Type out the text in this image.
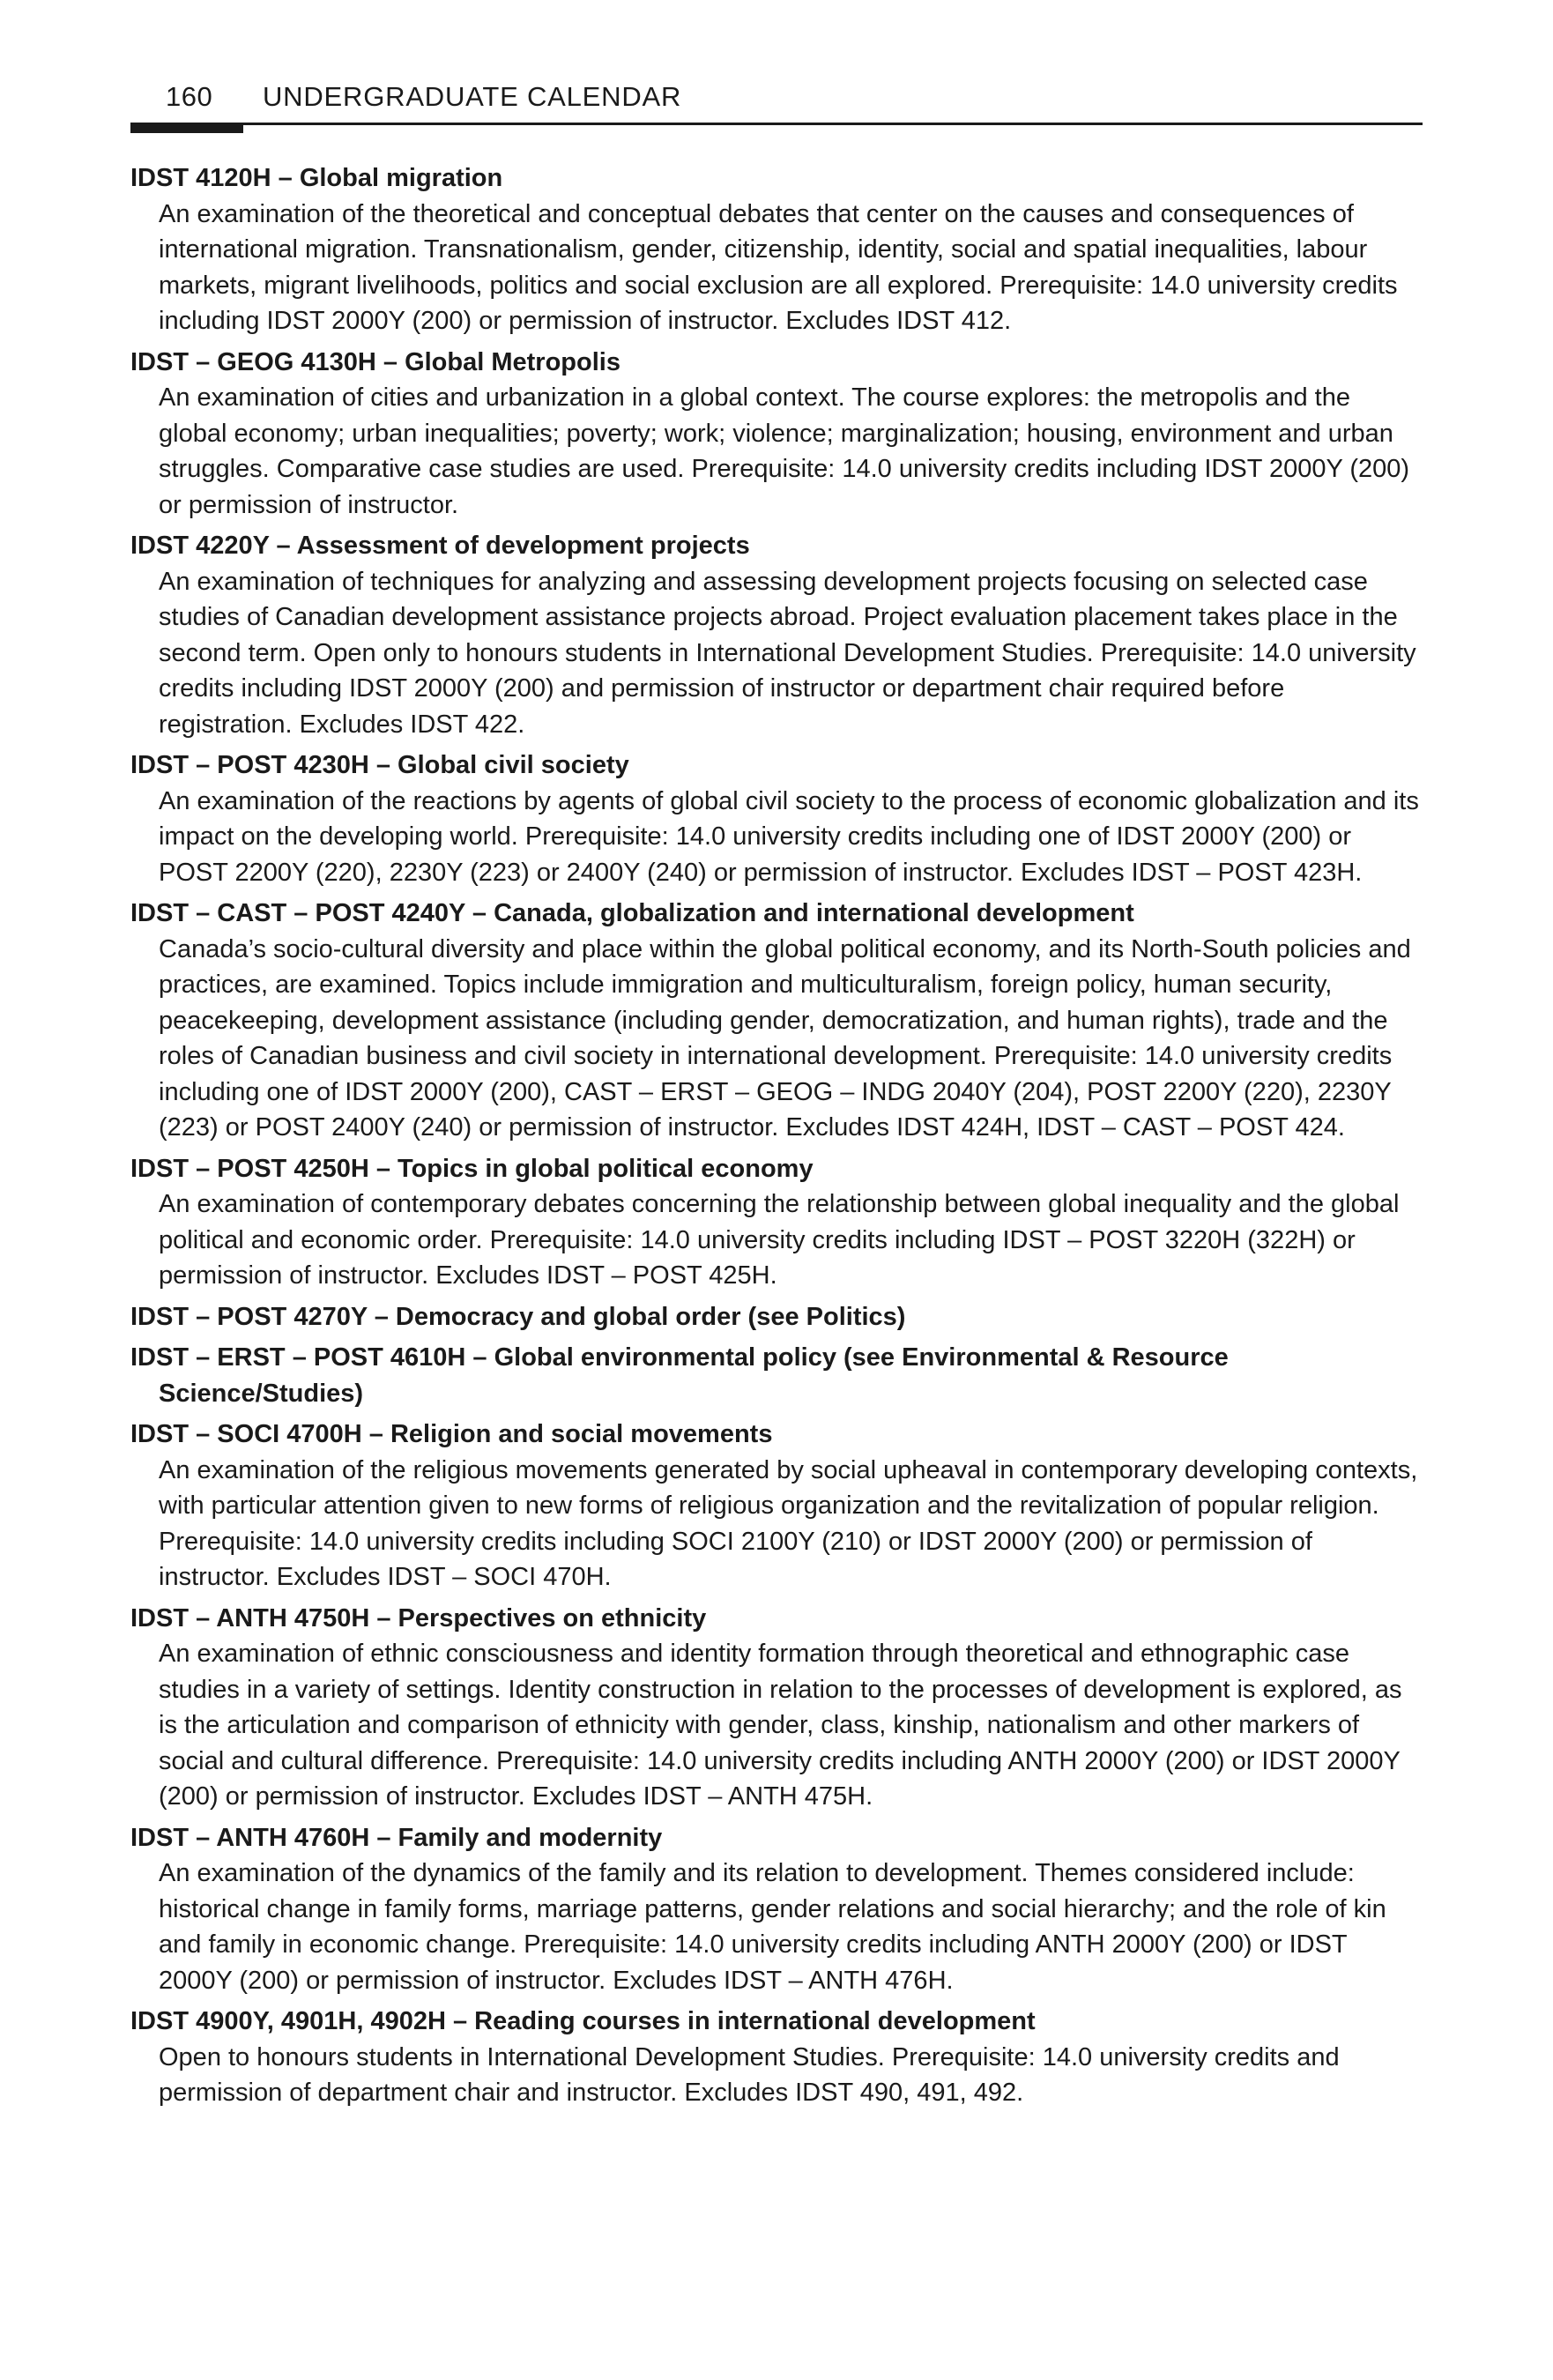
160 UNDERGRADUATE CALENDAR
IDST 4120H – Global migration
An examination of the theoretical and conceptual debates that center on the causes and consequences of international migration. Transnationalism, gender, citizenship, identity, social and spatial inequalities, labour markets, migrant livelihoods, politics and social exclusion are all explored. Prerequisite: 14.0 university credits including IDST 2000Y (200) or permission of instructor. Excludes IDST 412.
IDST – GEOG 4130H – Global Metropolis
An examination of cities and urbanization in a global context. The course explores: the metropolis and the global economy; urban inequalities; poverty; work; violence; marginalization; housing, environment and urban struggles. Comparative case studies are used. Prerequisite: 14.0 university credits including IDST 2000Y (200) or permission of instructor.
IDST 4220Y – Assessment of development projects
An examination of techniques for analyzing and assessing development projects focusing on selected case studies of Canadian development assistance projects abroad. Project evaluation placement takes place in the second term. Open only to honours students in International Development Studies. Prerequisite: 14.0 university credits including IDST 2000Y (200) and permission of instructor or department chair required before registration. Excludes IDST 422.
IDST – POST 4230H – Global civil society
An examination of the reactions by agents of global civil society to the process of economic globalization and its impact on the developing world. Prerequisite: 14.0 university credits including one of IDST 2000Y (200) or POST 2200Y (220), 2230Y (223) or 2400Y (240) or permission of instructor. Excludes IDST – POST 423H.
IDST – CAST – POST 4240Y – Canada, globalization and international development
Canada’s socio-cultural diversity and place within the global political economy, and its North-South policies and practices, are examined. Topics include immigration and multiculturalism, foreign policy, human security, peacekeeping, development assistance (including gender, democratization, and human rights), trade and the roles of Canadian business and civil society in international development. Prerequisite: 14.0 university credits including one of IDST 2000Y (200), CAST – ERST – GEOG – INDG 2040Y (204), POST 2200Y (220), 2230Y (223) or POST 2400Y (240) or permission of instructor. Excludes IDST 424H, IDST – CAST – POST 424.
IDST – POST 4250H – Topics in global political economy
An examination of contemporary debates concerning the relationship between global inequality and the global political and economic order. Prerequisite: 14.0 university credits including IDST – POST 3220H (322H) or permission of instructor. Excludes IDST – POST 425H.
IDST – POST 4270Y – Democracy and global order (see Politics)
IDST – ERST – POST 4610H – Global environmental policy (see Environmental & Resource Science/Studies)
IDST – SOCI 4700H – Religion and social movements
An examination of the religious movements generated by social upheaval in contemporary developing contexts, with particular attention given to new forms of religious organization and the revitalization of popular religion. Prerequisite: 14.0 university credits including SOCI 2100Y (210) or IDST 2000Y (200) or permission of instructor. Excludes IDST – SOCI 470H.
IDST – ANTH 4750H – Perspectives on ethnicity
An examination of ethnic consciousness and identity formation through theoretical and ethnographic case studies in a variety of settings. Identity construction in relation to the processes of development is explored, as is the articulation and comparison of ethnicity with gender, class, kinship, nationalism and other markers of social and cultural difference. Prerequisite: 14.0 university credits including ANTH 2000Y (200) or IDST 2000Y (200) or permission of instructor. Excludes IDST – ANTH 475H.
IDST – ANTH 4760H – Family and modernity
An examination of the dynamics of the family and its relation to development. Themes considered include: historical change in family forms, marriage patterns, gender relations and social hierarchy; and the role of kin and family in economic change. Prerequisite: 14.0 university credits including ANTH 2000Y (200) or IDST 2000Y (200) or permission of instructor. Excludes IDST – ANTH 476H.
IDST 4900Y, 4901H, 4902H – Reading courses in international development
Open to honours students in International Development Studies. Prerequisite: 14.0 university credits and permission of department chair and instructor. Excludes IDST 490, 491, 492.
